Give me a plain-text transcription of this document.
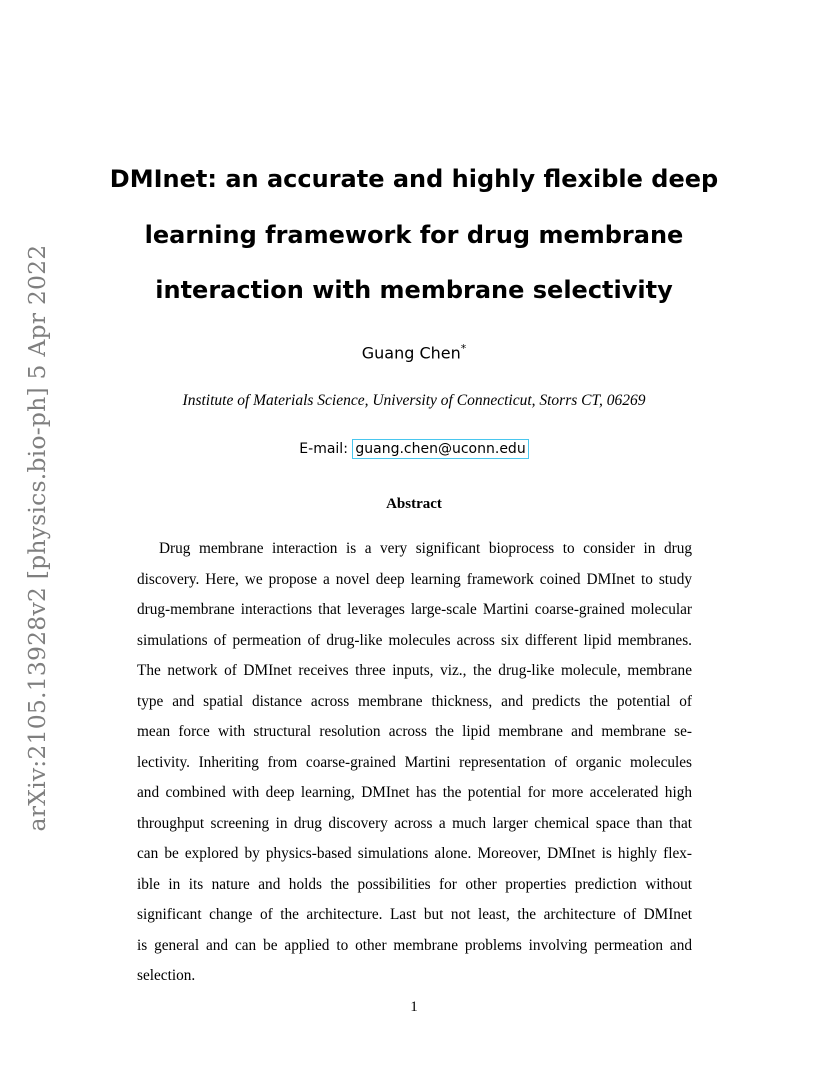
arXiv:2105.13928v2 [physics.bio-ph] 5 Apr 2022
DMInet: an accurate and highly flexible deep
learning framework for drug membrane
interaction with membrane selectivity
Guang Chen*
Institute of Materials Science, University of Connecticut, Storrs CT, 06269
E-mail: guang.chen@uconn.edu
Abstract
Drug membrane interaction is a very significant bioprocess to consider in drug
discovery. Here, we propose a novel deep learning framework coined DMInet to study
drug-membrane interactions that leverages large-scale Martini coarse-grained molecular
simulations of permeation of drug-like molecules across six different lipid membranes.
The network of DMInet receives three inputs, viz., the drug-like molecule, membrane
type and spatial distance across membrane thickness, and predicts the potential of
mean force with structural resolution across the lipid membrane and membrane se-
lectivity. Inheriting from coarse-grained Martini representation of organic molecules
and combined with deep learning, DMInet has the potential for more accelerated high
throughput screening in drug discovery across a much larger chemical space than that
can be explored by physics-based simulations alone. Moreover, DMInet is highly flex-
ible in its nature and holds the possibilities for other properties prediction without
significant change of the architecture. Last but not least, the architecture of DMInet
is general and can be applied to other membrane problems involving permeation and
selection.
1
